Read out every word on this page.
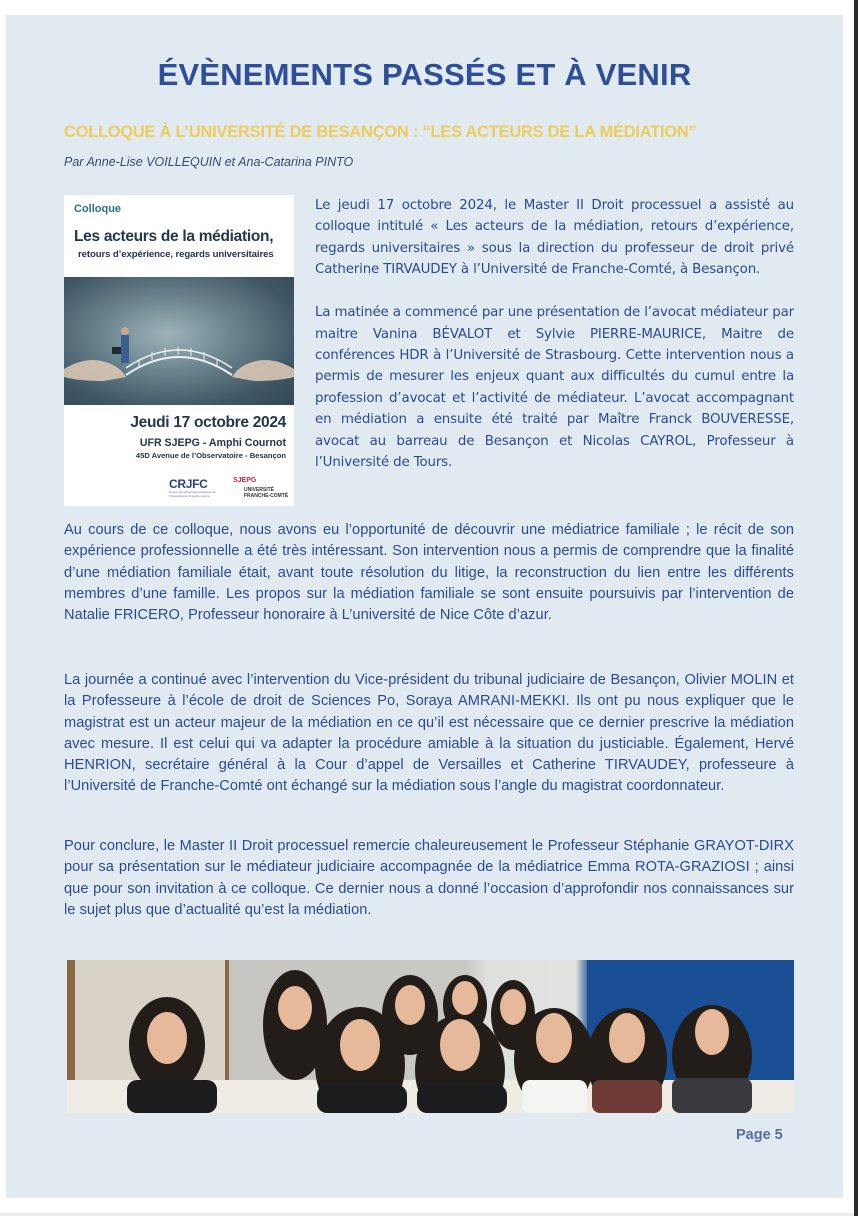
ÉVÈNEMENTS PASSÉS ET À VENIR
COLLOQUE À L’UNIVERSITÉ DE BESANÇON : “LES ACTEURS DE LA MÉDIATION”

Par Anne-Lise VOILLEQUIN et Ana-Catarina PINTO

Colloque
Les acteurs de la médiation,
retours d’expérience, regards universitaires
Jeudi 17 octobre 2024
UFR SJEPG - Amphi Cournot
45D Avenue de l’Observatoire - Besançon
CRJFC
Centre de recherches juridiques de l’Université de Franche-Comté
SJEPG
UNIVERSITÉ FRANCHE-COMTÉ

Le jeudi 17 octobre 2024, le Master II Droit processuel a assisté au colloque intitulé « Les acteurs de la médiation, retours d’expérience, regards universitaires » sous la direction du professeur de droit privé Catherine TIRVAUDEY à l’Université de Franche-Comté, à Besançon.

La matinée a commencé par une présentation de l’avocat médiateur par maitre Vanina BÉVALOT et Sylvie PIERRE-MAURICE, Maitre de conférences HDR à l’Université de Strasbourg. Cette intervention nous a permis de mesurer les enjeux quant aux difficultés du cumul entre la profession d’avocat et l’activité de médiateur. L’avocat accompagnant en médiation a ensuite été traité par Maître Franck BOUVERESSE, avocat au barreau de Besançon et Nicolas CAYROL, Professeur à l’Université de Tours.

Au cours de ce colloque, nous avons eu l’opportunité de découvrir une médiatrice familiale ; le récit de son expérience professionnelle a été très intéressant. Son intervention nous a permis de comprendre que la finalité d’une médiation familiale était, avant toute résolution du litige, la reconstruction du lien entre les différents membres d’une famille. Les propos sur la médiation familiale se sont ensuite poursuivis par l’intervention de Natalie FRICERO, Professeur honoraire à L’université de Nice Côte d’azur.

La journée a continué avec l’intervention du Vice-président du tribunal judiciaire de Besançon, Olivier MOLIN et la Professeure à l’école de droit de Sciences Po, Soraya AMRANI-MEKKI. Ils ont pu nous expliquer que le magistrat est un acteur majeur de la médiation en ce qu’il est nécessaire que ce dernier prescrive la médiation avec mesure. Il est celui qui va adapter la procédure amiable à la situation du justiciable. Également, Hervé HENRION, secrétaire général à la Cour d’appel de Versailles et Catherine TIRVAUDEY, professeure à l’Université de Franche-Comté ont échangé sur la médiation sous l’angle du magistrat coordonnateur.

Pour conclure, le Master II Droit processuel remercie chaleureusement le Professeur Stéphanie GRAYOT-DIRX pour sa présentation sur le médiateur judiciaire accompagnée de la médiatrice Emma ROTA-GRAZIOSI ; ainsi que pour son invitation à ce colloque. Ce dernier nous a donné l’occasion d’approfondir nos connaissances sur le sujet plus que d’actualité qu’est la médiation.

Page 5
